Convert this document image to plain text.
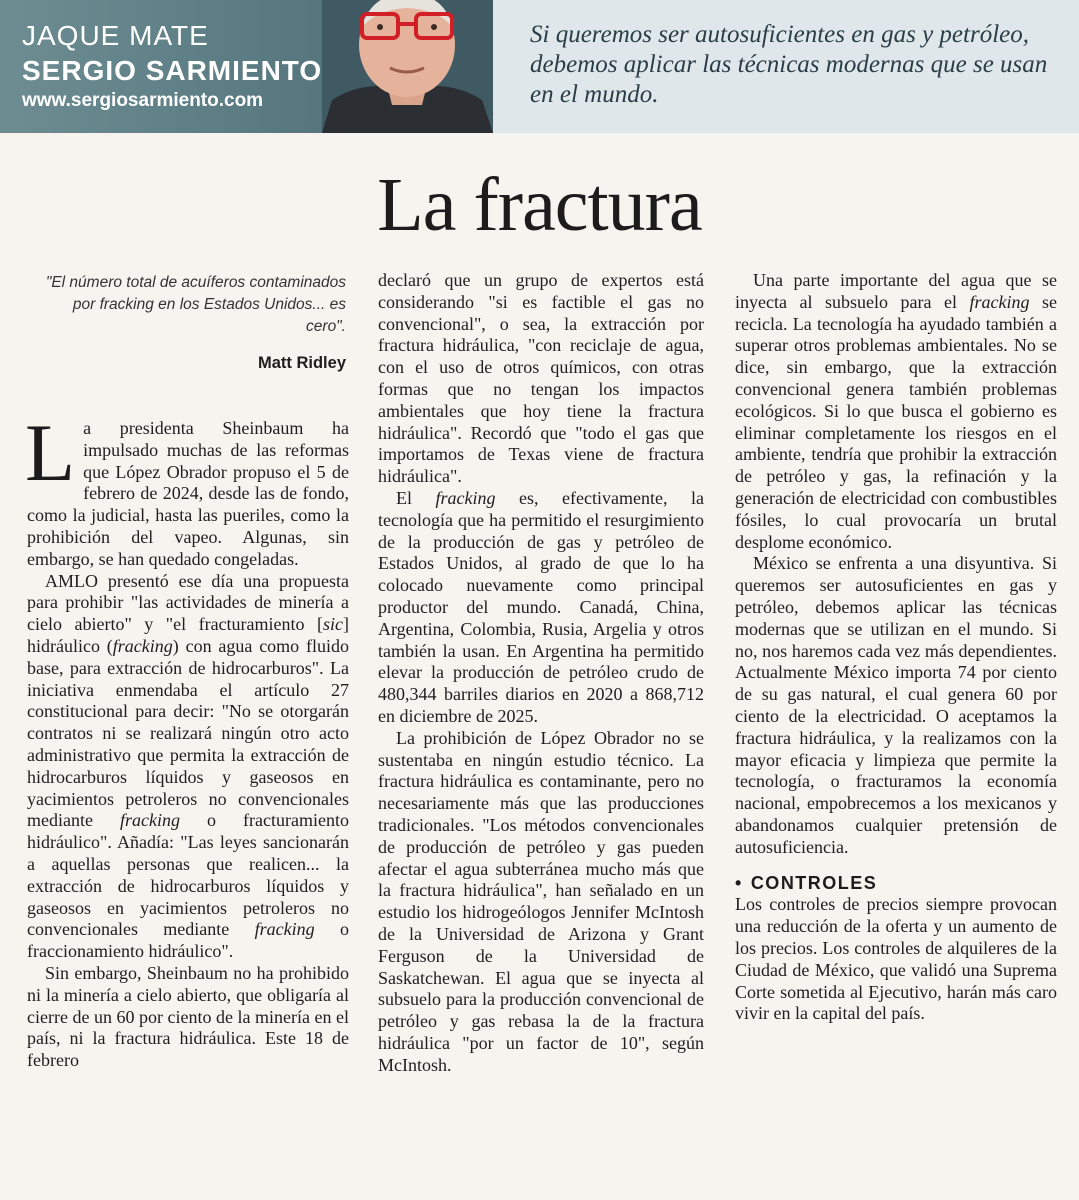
JAQUE MATE
SERGIO SARMIENTO
www.sergiosarmiento.com
Si queremos ser autosuficientes en gas y petróleo, debemos aplicar las técnicas modernas que se usan en el mundo.
La fractura
"El número total de acuíferos contaminados por fracking en los Estados Unidos... es cero".
Matt Ridley

La presidenta Sheinbaum ha impulsado muchas de las reformas que López Obrador propuso el 5 de febrero de 2024, desde las de fondo, como la judicial, hasta las pueriles, como la prohibición del vapeo. Algunas, sin embargo, se han quedado congeladas.

AMLO presentó ese día una propuesta para prohibir "las actividades de minería a cielo abierto" y "el fracturamiento [sic] hidráulico (fracking) con agua como fluido base, para extracción de hidrocarburos". La iniciativa enmendaba el artículo 27 constitucional para decir: "No se otorgarán contratos ni se realizará ningún otro acto administrativo que permita la extracción de hidrocarburos líquidos y gaseosos en yacimientos petroleros no convencionales mediante fracking o fracturamiento hidráulico". Añadía: "Las leyes sancionarán a aquellas personas que realicen... la extracción de hidrocarburos líquidos y gaseosos en yacimientos petroleros no convencionales mediante fracking o fraccionamiento hidráulico".

Sin embargo, Sheinbaum no ha prohibido ni la minería a cielo abierto, que obligaría al cierre de un 60 por ciento de la minería en el país, ni la fractura hidráulica. Este 18 de febrero

declaró que un grupo de expertos está considerando "si es factible el gas no convencional", o sea, la extracción por fractura hidráulica, "con reciclaje de agua, con el uso de otros químicos, con otras formas que no tengan los impactos ambientales que hoy tiene la fractura hidráulica". Recordó que "todo el gas que importamos de Texas viene de fractura hidráulica".

El fracking es, efectivamente, la tecnología que ha permitido el resurgimiento de la producción de gas y petróleo de Estados Unidos, al grado de que lo ha colocado nuevamente como principal productor del mundo. Canadá, China, Argentina, Colombia, Rusia, Argelia y otros también la usan. En Argentina ha permitido elevar la producción de petróleo crudo de 480,344 barriles diarios en 2020 a 868,712 en diciembre de 2025.

La prohibición de López Obrador no se sustentaba en ningún estudio técnico. La fractura hidráulica es contaminante, pero no necesariamente más que las producciones tradicionales. "Los métodos convencionales de producción de petróleo y gas pueden afectar el agua subterránea mucho más que la fractura hidráulica", han señalado en un estudio los hidrogeólogos Jennifer McIntosh de la Universidad de Arizona y Grant Ferguson de la Universidad de Saskatchewan. El agua que se inyecta al subsuelo para la producción convencional de petróleo y gas rebasa la de la fractura hidráulica "por un factor de 10", según McIntosh.

Una parte importante del agua que se inyecta al subsuelo para el fracking se recicla. La tecnología ha ayudado también a superar otros problemas ambientales. No se dice, sin embargo, que la extracción convencional genera también problemas ecológicos. Si lo que busca el gobierno es eliminar completamente los riesgos en el ambiente, tendría que prohibir la extracción de petróleo y gas, la refinación y la generación de electricidad con combustibles fósiles, lo cual provocaría un brutal desplome económico.

México se enfrenta a una disyuntiva. Si queremos ser autosuficientes en gas y petróleo, debemos aplicar las técnicas modernas que se utilizan en el mundo. Si no, nos haremos cada vez más dependientes. Actualmente México importa 74 por ciento de su gas natural, el cual genera 60 por ciento de la electricidad. O aceptamos la fractura hidráulica, y la realizamos con la mayor eficacia y limpieza que permite la tecnología, o fracturamos la economía nacional, empobrecemos a los mexicanos y abandonamos cualquier pretensión de autosuficiencia.

• CONTROLES

Los controles de precios siempre provocan una reducción de la oferta y un aumento de los precios. Los controles de alquileres de la Ciudad de México, que validó una Suprema Corte sometida al Ejecutivo, harán más caro vivir en la capital del país.
